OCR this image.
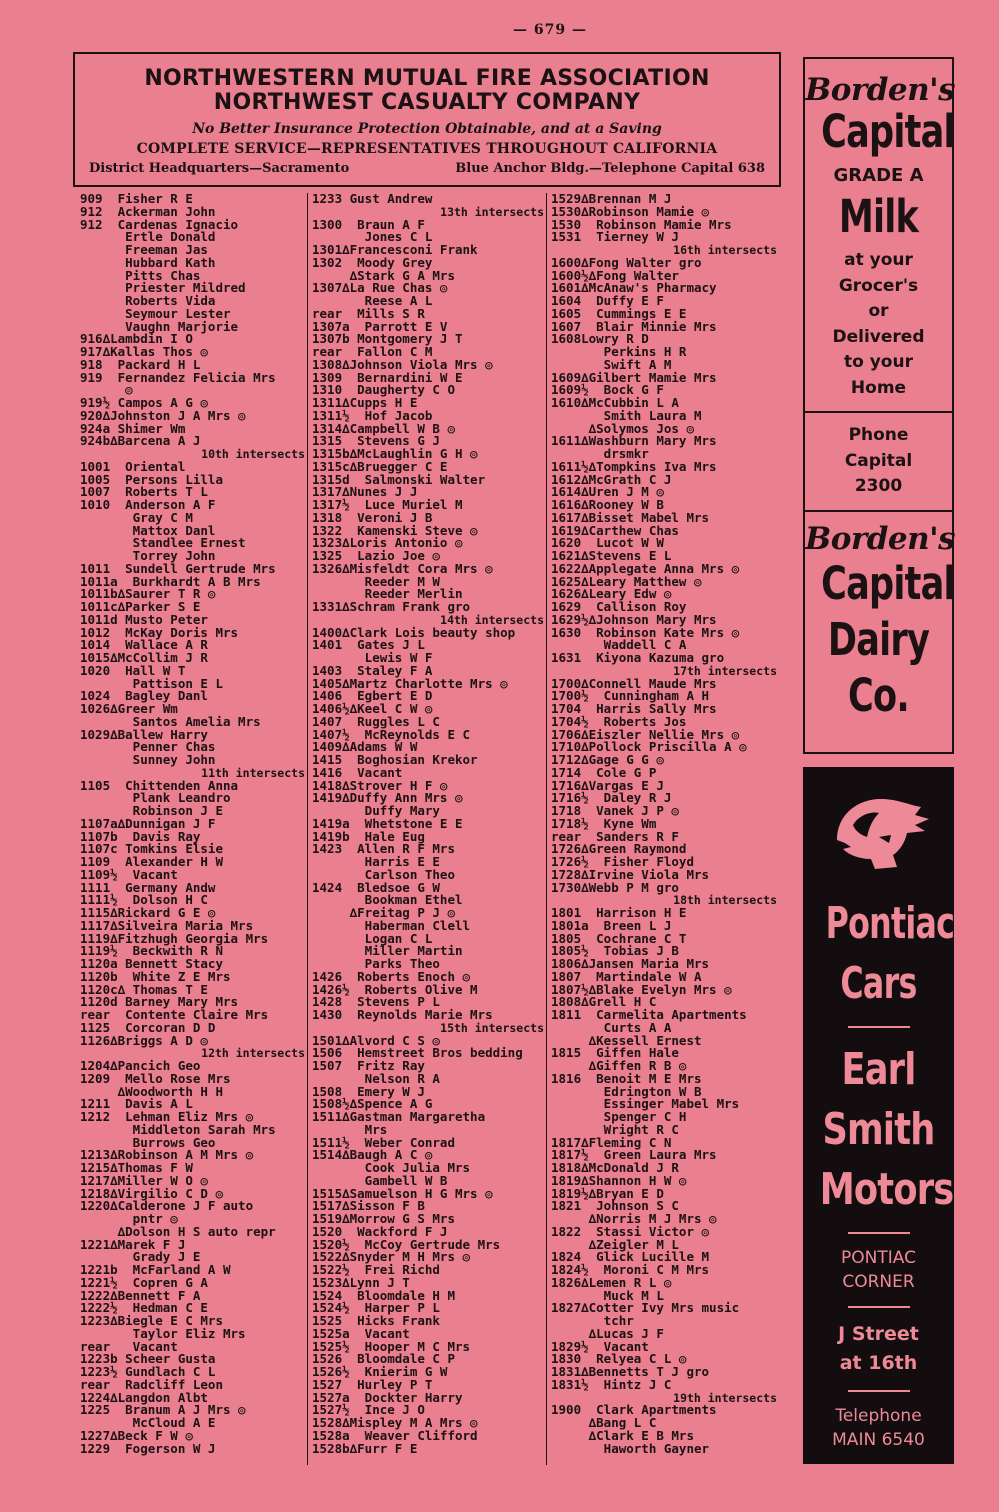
— 679 —
NORTHWESTERN MUTUAL FIRE ASSOCIATION
NORTHWEST CASUALTY COMPANY
No Better Insurance Protection Obtainable, and at a Saving
COMPLETE SERVICE—REPRESENTATIVES THROUGHOUT CALIFORNIA
District Headquarters—Sacramento	Blue Anchor Bldg.—Telephone Capital 638
909  Fisher R E
912  Ackerman John
912  Cardenas Ignacio
Ertle Donald
Freeman Jas
Hubbard Kath
Pitts Chas
Priester Mildred
Roberts Vida
Seymour Lester
Vaughn Marjorie
916∆Lambdin I O
917∆Kallas Thos ◎
918  Packard H L
919  Fernandez Felicia Mrs
◎
919½ Campos A G ◎
920∆Johnston J A Mrs ◎
924a Shimer Wm
924b∆Barcena A J
10th intersects
1001  Oriental
1005  Persons Lilla
1007  Roberts T L
1010  Anderson A F
Gray C M
Mattox Danl
Standlee Ernest
Torrey John
1011  Sundell Gertrude Mrs
1011a  Burkhardt A B Mrs
1011b∆Saurer T R ◎
1011c∆Parker S E
1011d Musto Peter
1012  McKay Doris Mrs
1014  Wallace A R
1015∆McCollim J R
1020  Hall W T
Pattison E L
1024  Bagley Danl
1026∆Greer Wm
Santos Amelia Mrs
1029∆Ballew Harry
Penner Chas
Sunney John
11th intersects
1105  Chittenden Anna
Plank Leandro
Robinson J E
1107a∆Dunnigan J F
1107b  Davis Ray
1107c Tomkins Elsie
1109  Alexander H W
1109½  Vacant
1111  Germany Andw
1111½  Dolson H C
1115∆Rickard G E ◎
1117∆Silveira Maria Mrs
1119∆Fitzhugh Georgia Mrs
1119½  Beckwith R N
1120a Bennett Stacy
1120b  White Z E Mrs
1120c∆ Thomas T E
1120d Barney Mary Mrs
rear  Contente Claire Mrs
1125  Corcoran D D
1126∆Briggs A D ◎
12th intersects
1204∆Pancich Geo
1209  Mello Rose Mrs
∆Woodworth H H
1211  Davis A L
1212  Lehman Eliz Mrs ◎
Middleton Sarah Mrs
Burrows Geo
1213∆Robinson A M Mrs ◎
1215∆Thomas F W
1217∆Miller W O ◎
1218∆Virgilio C D ◎
1220∆Calderone J F auto
pntr ◎
∆Dolson H S auto repr
1221∆Marek F J
Grady J E
1221b  McFarland A W
1221½  Copren G A
1222∆Bennett F A
1222½  Hedman C E
1223∆Biegle E C Mrs
Taylor Eliz Mrs
rear   Vacant
1223b Scheer Gusta
1223½ Gundlach C L
rear  Radcliff Leon
1224∆Langdon Albt
1225  Branum A J Mrs ◎
McCloud A E
1227∆Beck F W ◎
1229  Fogerson W J
1233 Gust Andrew
13th intersects
1300  Braun A F
Jones C L
1301∆Francesconi Frank
1302  Moody Grey
∆Stark G A Mrs
1307∆La Rue Chas ◎
Reese A L
rear  Mills S R
1307a  Parrott E V
1307b Montgomery J T
rear  Fallon C M
1308∆Johnson Viola Mrs ◎
1309  Bernardini W E
1310  Daugherty C O
1311∆Cupps H E
1311½  Hof Jacob
1314∆Campbell W B ◎
1315  Stevens G J
1315b∆McLaughlin G H ◎
1315c∆Bruegger C E
1315d  Salmonski Walter
1317∆Nunes J J
1317½  Luce Muriel M
1318  Veroni J B
1322  Kamenski Steve ◎
1323∆Loris Antonio ◎
1325  Lazio Joe ◎
1326∆Misfeldt Cora Mrs ◎
Reeder M W
Reeder Merlin
1331∆Schram Frank gro
14th intersects
1400∆Clark Lois beauty shop
1401  Gates J L
Lewis W F
1403  Staley F A
1405∆Martz Charlotte Mrs ◎
1406  Egbert E D
1406½∆Keel C W ◎
1407  Ruggles L C
1407½  McReynolds E C
1409∆Adams W W
1415  Boghosian Krekor
1416  Vacant
1418∆Strover H F ◎
1419∆Duffy Ann Mrs ◎
Duffy Mary
1419a  Whetstone E E
1419b  Hale Eug
1423  Allen R F Mrs
Harris E E
Carlson Theo
1424  Bledsoe G W
Bookman Ethel
∆Freitag P J ◎
Haberman Clell
Logan C L
Miller Martin
Parks Theo
1426  Roberts Enoch ◎
1426½  Roberts Olive M
1428  Stevens P L
1430  Reynolds Marie Mrs
15th intersects
1501∆Alvord C S ◎
1506  Hemstreet Bros bedding
1507  Fritz Ray
Nelson R A
1508  Emery W J
1508½∆Spence A G
1511∆Gastman Margaretha
Mrs
1511½  Weber Conrad
1514∆Baugh A C ◎
Cook Julia Mrs
Gambell W B
1515∆Samuelson H G Mrs ◎
1517∆Sisson F B
1519∆Morrow G S Mrs
1520  Wackford F J
1520½  McCoy Gertrude Mrs
1522∆Snyder M H Mrs ◎
1522½  Frei Richd
1523∆Lynn J T
1524  Bloomdale H M
1524½  Harper P L
1525  Hicks Frank
1525a  Vacant
1525½  Hooper M C Mrs
1526  Bloomdale C P
1526½  Knierim G W
1527  Hurley P T
1527a  Dockter Harry
1527½  Ince J O
1528∆Mispley M A Mrs ◎
1528a  Weaver Clifford
1528b∆Furr F E
1529∆Brennan M J
1530∆Robinson Mamie ◎
1530  Robinson Mamie Mrs
1531  Tierney W J
16th intersects
1600∆Fong Walter gro
1600½∆Fong Walter
1601∆McAnaw's Pharmacy
1604  Duffy E F
1605  Cummings E E
1607  Blair Minnie Mrs
1608Lowry R D
Perkins H R
Swift A M
1609∆Gilbert Mamie Mrs
1609½  Bock G F
1610∆McCubbin L A
Smith Laura M
∆Solymos Jos ◎
1611∆Washburn Mary Mrs
drsmkr
1611½∆Tompkins Iva Mrs
1612∆McGrath C J
1614∆Uren J M ◎
1616∆Rooney W B
1617∆Bisset Mabel Mrs
1619∆Carthew Chas
1620  Lucot W W
1621∆Stevens E L
1622∆Applegate Anna Mrs ◎
1625∆Leary Matthew ◎
1626∆Leary Edw ◎
1629  Callison Roy
1629½∆Johnson Mary Mrs
1630  Robinson Kate Mrs ◎
Waddell C A
1631  Kiyona Kazuma gro
17th intersects
1700∆Connell Maude Mrs
1700½  Cunningham A H
1704  Harris Sally Mrs
1704½  Roberts Jos
1706∆Eiszler Nellie Mrs ◎
1710∆Pollock Priscilla A ◎
1712∆Gage G G ◎
1714  Cole G P
1716∆Vargas E J
1716½  Daley R J
1718  Vanek J P ◎
1718½  Kyne Wm
rear  Sanders R F
1726∆Green Raymond
1726½  Fisher Floyd
1728∆Irvine Viola Mrs
1730∆Webb P M gro
18th intersects
1801  Harrison H E
1801a  Breen L J
1805  Cochrane C T
1805½  Tobias J B
1806∆Jansen Maria Mrs
1807  Martindale W A
1807½∆Blake Evelyn Mrs ◎
1808∆Grell H C
1811  Carmelita Apartments
Curts A A
∆Kessell Ernest
1815  Giffen Hale
∆Giffen R B ◎
1816  Benoit M E Mrs
Edrington W B
Essinger Mabel Mrs
Spenger C H
Wright R C
1817∆Fleming C N
1817½  Green Laura Mrs
1818∆McDonald J R
1819∆Shannon H W ◎
1819½∆Bryan E D
1821  Johnson S C
∆Norris M J Mrs ◎
1822  Stassi Victor ◎
∆Zeigler M L
1824  Glick Lucille M
1824½  Moroni C M Mrs
1826∆Lemen R L ◎
Muck M L
1827∆Cotter Ivy Mrs music
tchr
∆Lucas J F
1829½  Vacant
1830  Relyea C L ◎
1831∆Bennetts T J gro
1831½  Hintz J C
19th intersects
1900  Clark Apartments
∆Bang L C
∆Clark E B Mrs
Haworth Gayner
Borden's
Capital
GRADE A
Milk
at your
Grocer's
or
Delivered
to your
Home
Phone
Capital
2300
Borden's
Capital
Dairy
Co.
Pontiac
Cars
Earl
Smith
Motors
PONTIAC
CORNER
J Street
at 16th
Telephone
MAIN 6540
